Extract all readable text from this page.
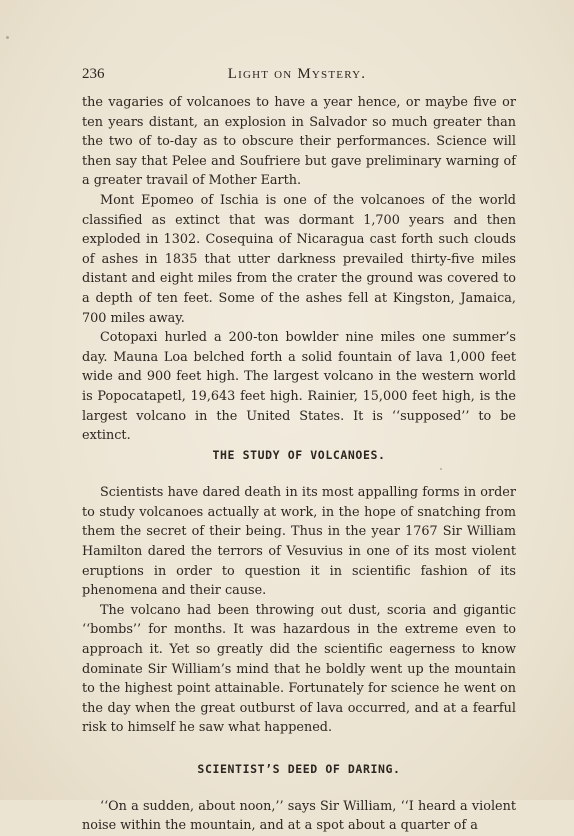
236	Light on Mystery.

the vagaries of volcanoes to have a year hence, or maybe five or ten years distant, an explosion in Salvador so much greater than the two of to-day as to obscure their performances. Science will then say that Pelee and Soufriere but gave preliminary warning of a greater travail of Mother Earth.

Mont Epomeo of Ischia is one of the volcanoes of the world classified as extinct that was dormant 1,700 years and then exploded in 1302. Cosequina of Nicaragua cast forth such clouds of ashes in 1835 that utter darkness prevailed thirty-five miles distant and eight miles from the crater the ground was covered to a depth of ten feet. Some of the ashes fell at Kingston, Jamaica, 700 miles away.

Cotopaxi hurled a 200-ton bowlder nine miles one summer’s day. Mauna Loa belched forth a solid fountain of lava 1,000 feet wide and 900 feet high. The largest volcano in the western world is Popocatapetl, 19,643 feet high. Rainier, 15,000 feet high, is the largest volcano in the United States. It is ‘‘supposed’’ to be extinct.

THE STUDY OF VOLCANOES.

Scientists have dared death in its most appalling forms in order to study volcanoes actually at work, in the hope of snatching from them the secret of their being. Thus in the year 1767 Sir William Hamilton dared the terrors of Vesuvius in one of its most violent eruptions in order to question it in scientific fashion of its phenomena and their cause.

The volcano had been throwing out dust, scoria and gigantic ‘‘bombs’’ for months. It was hazardous in the extreme even to approach it. Yet so greatly did the scientific eagerness to know dominate Sir William’s mind that he boldly went up the mountain to the highest point attainable. Fortunately for science he went on the day when the great outburst of lava occurred, and at a fearful risk to himself he saw what happened.

SCIENTIST’S DEED OF DARING.

‘‘On a sudden, about noon,’’ says Sir William, ‘‘I heard a violent noise within the mountain, and at a spot about a quarter of a
